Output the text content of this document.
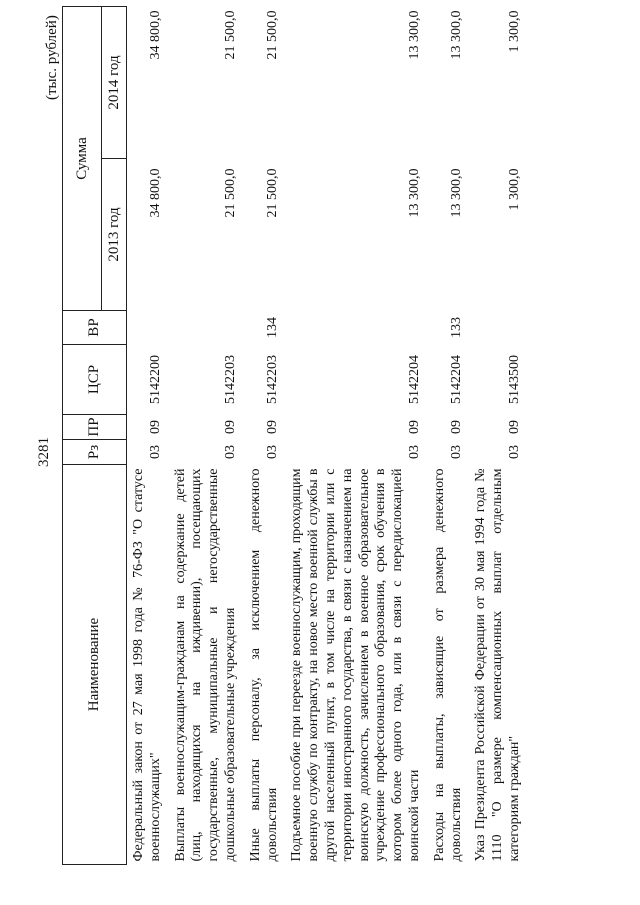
3281
(тыс. рублей)
Наименование	Рз	ПР	ЦСР	ВР	Сумма	
					2013 год	2014 год
Федеральный закон от 27 мая 1998 года № 76-ФЗ "О статусе военнослужащих"	03	09	5142200		34 800,0	34 800,0
Выплаты военнослужащим-гражданам на содержание детей (лиц, находящихся на иждивении), посещающих государственные, муниципальные и негосударственные дошкольные образовательные учреждения	03	09	5142203		21 500,0	21 500,0
Иные выплаты персоналу, за исключением денежного довольствия	03	09	5142203	134	21 500,0	21 500,0
Подъемное пособие при переезде военнослужащим, проходящим военную службу по контракту, на новое место военной службы в другой населенный пункт, в том числе на территории или с территории иностранного государства, в связи с назначением на воинскую должность, зачислением в военное образовательное учреждение профессионального образования, срок обучения в котором более одного года, или в связи с передислокацией воинской части	03	09	5142204		13 300,0	13 300,0
Расходы на выплаты, зависящие от размера денежного довольствия	03	09	5142204	133	13 300,0	13 300,0
Указ Президента Российской Федерации от 30 мая 1994 года № 1110 "О размере компенсационных выплат отдельным категориям граждан"	03	09	5143500		1 300,0	1 300,0
